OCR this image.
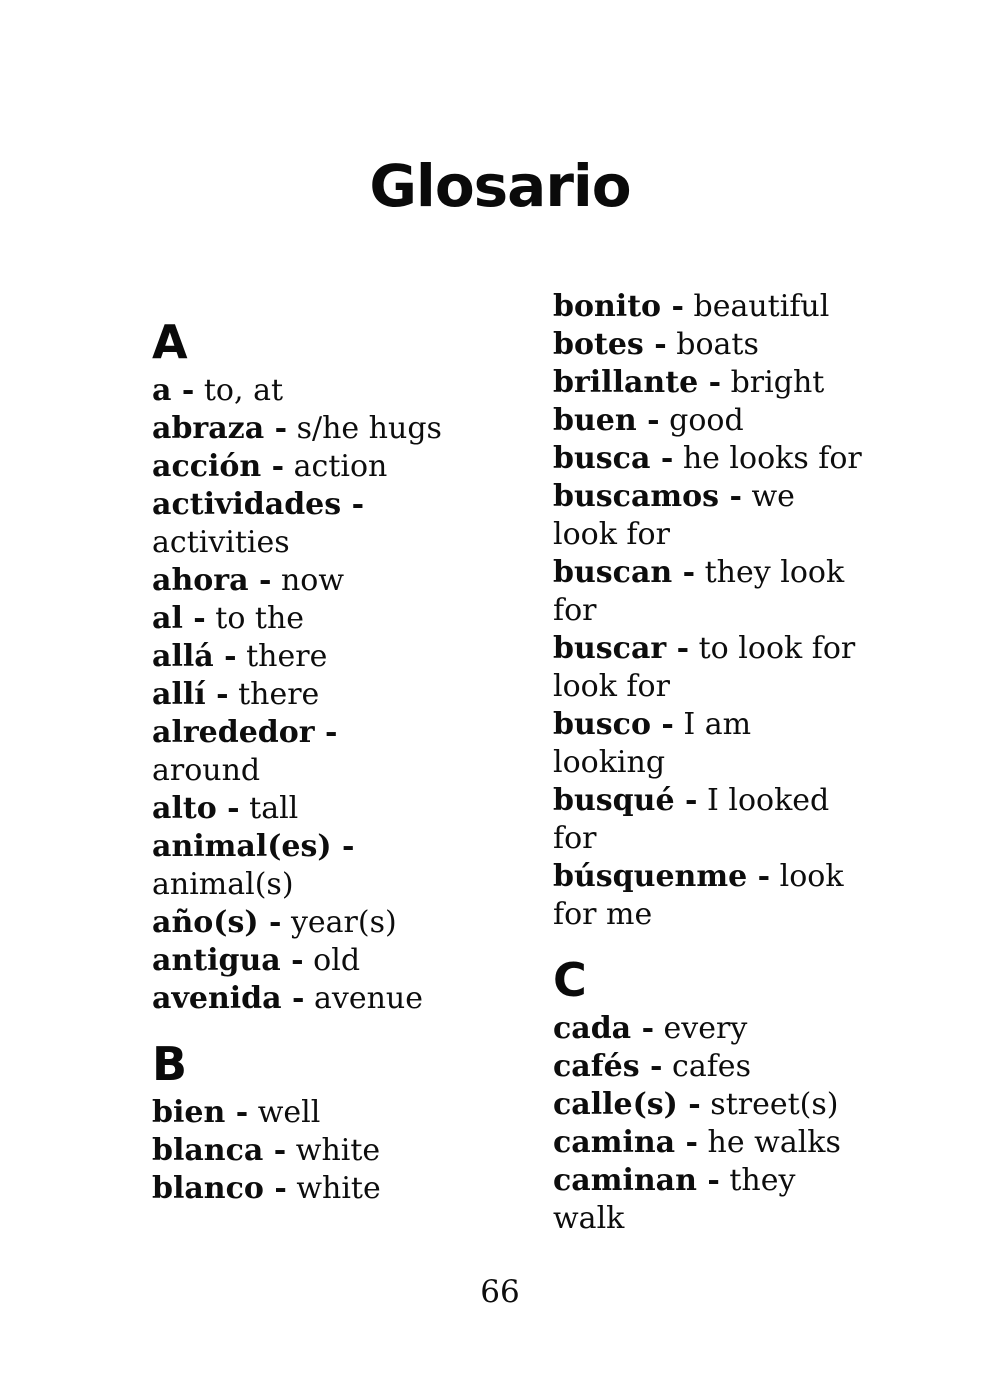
Glosario
A
a - to, at
abraza - s/he hugs
acción - action
actividades -
activities
ahora - now
al - to the
allá - there
allí - there
alrededor -
around
alto - tall
animal(es) -
animal(s)
año(s) - year(s)
antigua - old
avenida - avenue
B
bien - well
blanca - white
blanco - white
bonito - beautiful
botes - boats
brillante - bright
buen - good
busca - he looks for
buscamos - we
look for
buscan - they look
for
buscar - to look for
look for
busco - I am
looking
busqué - I looked
for
búsquenme - look
for me
C
cada - every
cafés - cafes
calle(s) - street(s)
camina - he walks
caminan - they
walk
66
